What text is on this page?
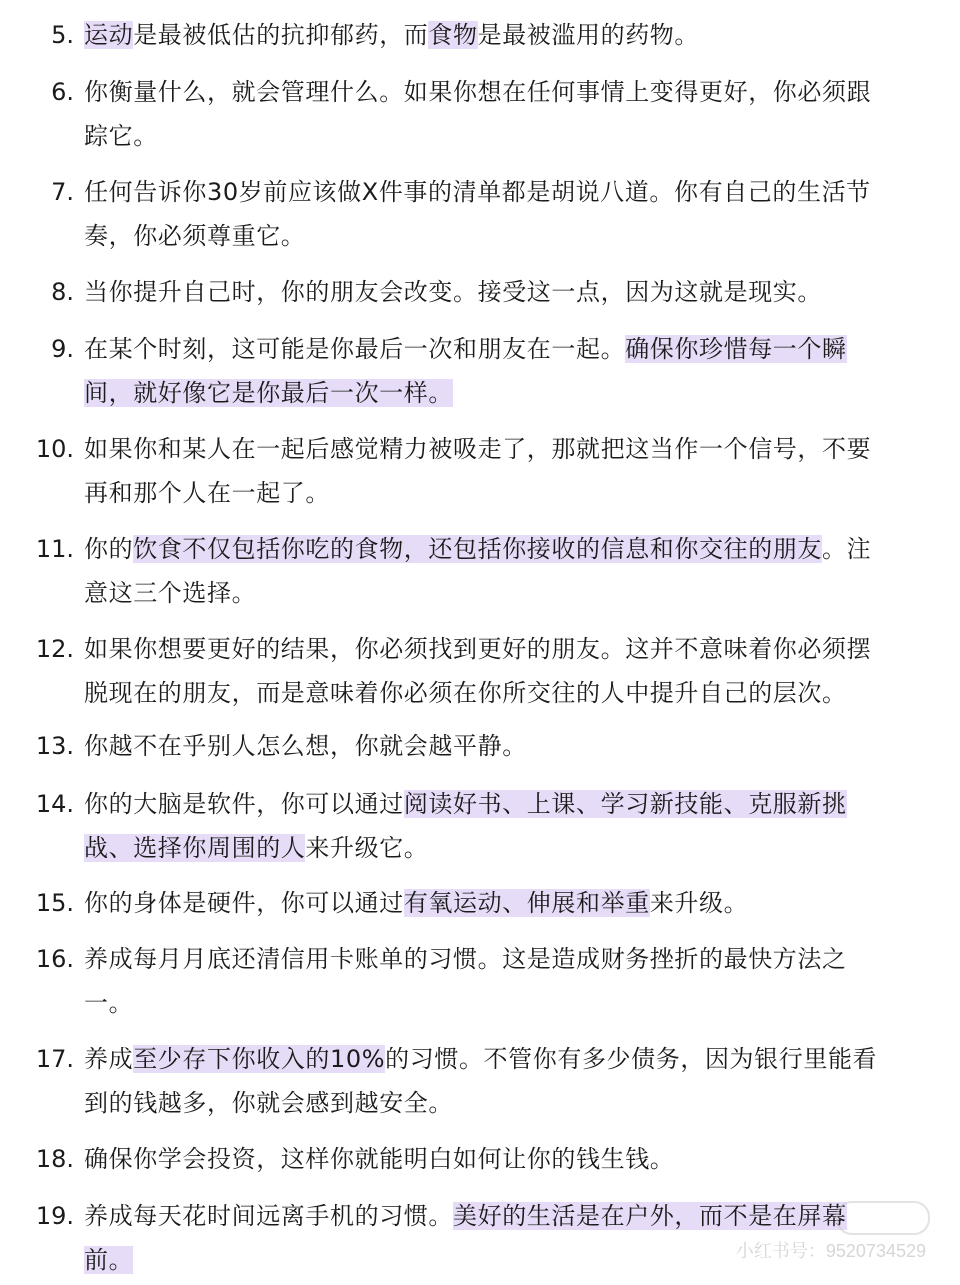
5. 运动是最被低估的抗抑郁药，而食物是最被滥用的药物。
6. 你衡量什么，就会管理什么。如果你想在任何事情上变得更好，你必须跟
踪它。
7. 任何告诉你30岁前应该做X件事的清单都是胡说八道。你有自己的生活节
奏，你必须尊重它。
8. 当你提升自己时，你的朋友会改变。接受这一点，因为这就是现实。
9. 在某个时刻，这可能是你最后一次和朋友在一起。确保你珍惜每一个瞬
间，就好像它是你最后一次一样。
10. 如果你和某人在一起后感觉精力被吸走了，那就把这当作一个信号，不要
再和那个人在一起了。
11. 你的饮食不仅包括你吃的食物，还包括你接收的信息和你交往的朋友。注
意这三个选择。
12. 如果你想要更好的结果，你必须找到更好的朋友。这并不意味着你必须摆
脱现在的朋友，而是意味着你必须在你所交往的人中提升自己的层次。
13. 你越不在乎别人怎么想，你就会越平静。
14. 你的大脑是软件，你可以通过阅读好书、上课、学习新技能、克服新挑
战、选择你周围的人来升级它。
15. 你的身体是硬件，你可以通过有氧运动、伸展和举重来升级。
16. 养成每月月底还清信用卡账单的习惯。这是造成财务挫折的最快方法之
一。
17. 养成至少存下你收入的10%的习惯。不管你有多少债务，因为银行里能看
到的钱越多，你就会感到越安全。
18. 确保你学会投资，这样你就能明白如何让你的钱生钱。
19. 养成每天花时间远离手机的习惯。美好的生活是在户外，而不是在屏幕
前。	小红书号：9520734529
